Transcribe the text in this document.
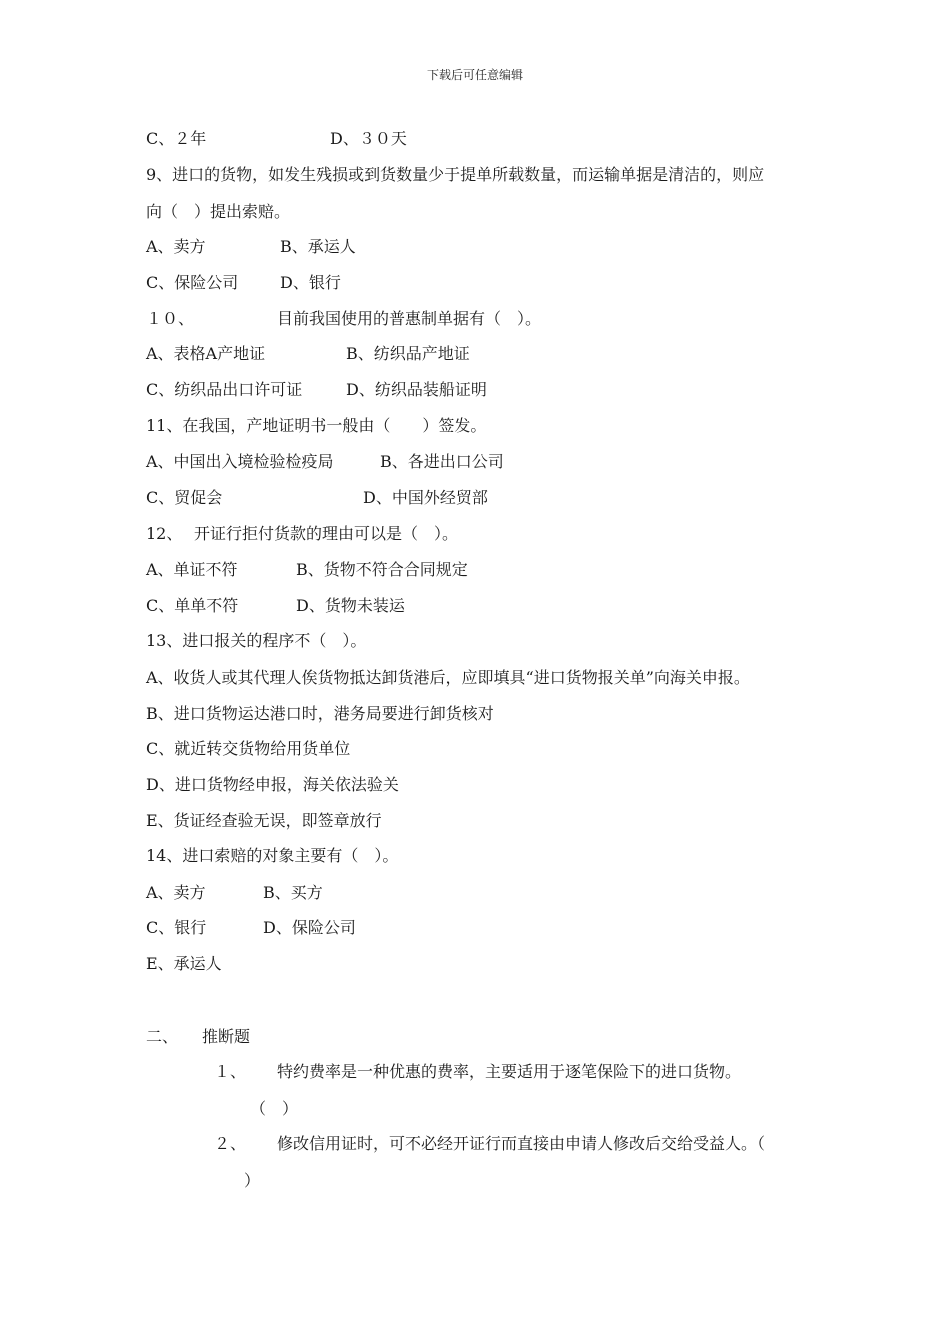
下载后可任意编辑
C、２年	D、３０天
9、进口的货物，如发生残损或到货数量少于提单所载数量，而运输单据是清洁的，则应
向（　）提出索赔。
A、卖方	B、承运人
C、保险公司	D、银行
１０、	目前我国使用的普惠制单据有（　）。
A、表格A产地证	B、纺织品产地证
C、纺织品出口许可证	D、纺织品装船证明
11、在我国，产地证明书一般由（　　）签发。
A、中国出入境检验检疫局	B、各进出口公司
C、贸促会	D、中国外经贸部
12、 开证行拒付货款的理由可以是（　）。
A、单证不符	B、货物不符合合同规定
C、单单不符	D、货物未装运
13、进口报关的程序不（　）。
A、收货人或其代理人俟货物抵达卸货港后，应即填具“进口货物报关单”向海关申报。
B、进口货物运达港口时，港务局要进行卸货核对
C、就近转交货物给用货单位
D、进口货物经申报，海关依法验关
E、货证经查验无误，即签章放行
14、进口索赔的对象主要有（　）。
A、卖方	B、买方
C、银行	D、保险公司
E、承运人
二、 推断题
１、 特约费率是一种优惠的费率，主要适用于逐笔保险下的进口货物。
（　）
２、 修改信用证时，可不必经开证行而直接由申请人修改后交给受益人。（
）
